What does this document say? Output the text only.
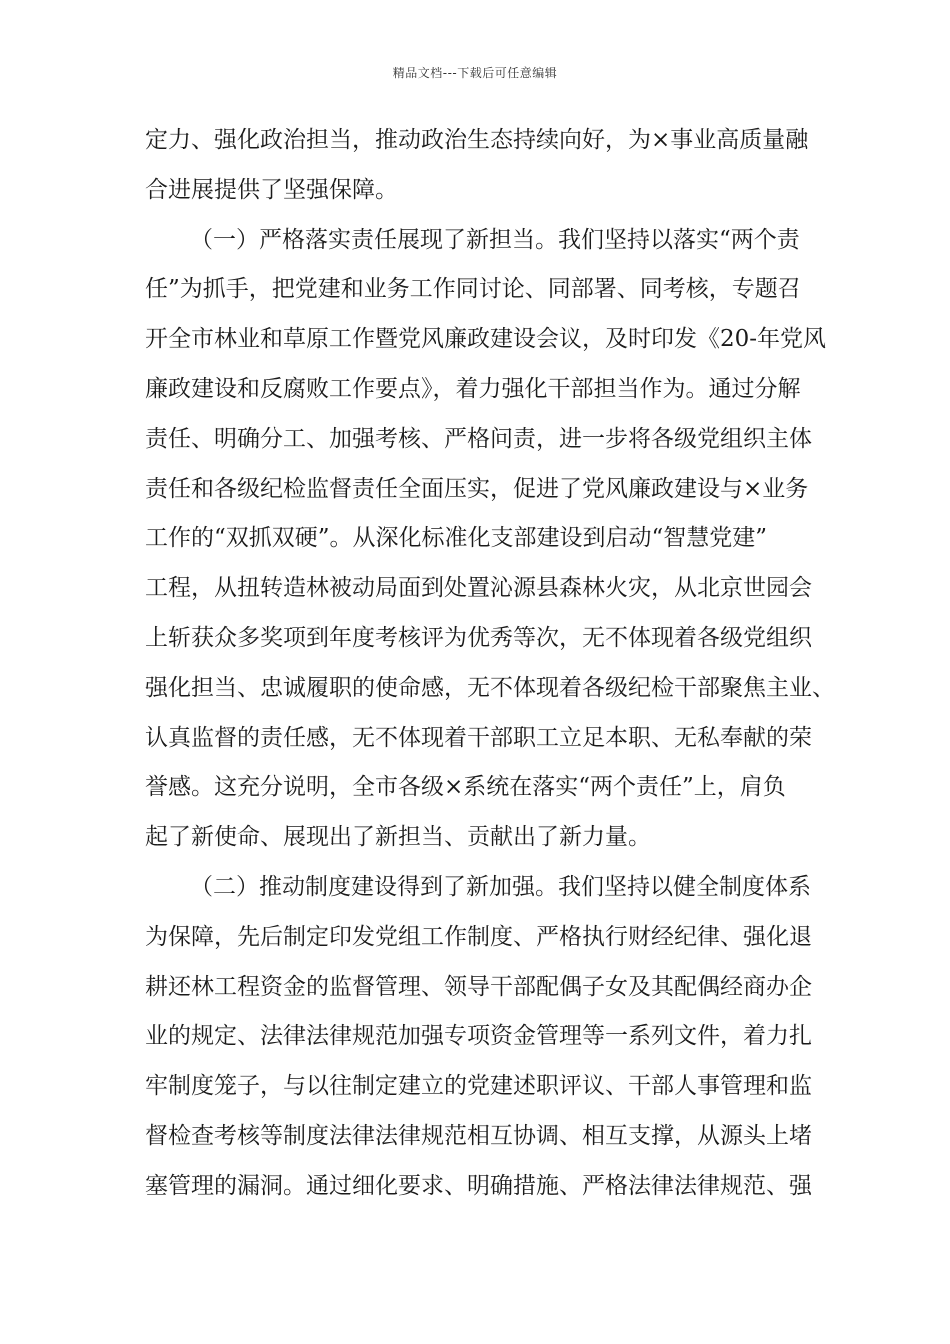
精品文档---下载后可任意编辑
定力、强化政治担当，推动政治生态持续向好，为×事业高质量融
合进展提供了坚强保障。
（一）严格落实责任展现了新担当。我们坚持以落实“两个责
任”为抓手，把党建和业务工作同讨论、同部署、同考核，专题召
开全市林业和草原工作暨党风廉政建设会议，及时印发《20-年党风
廉政建设和反腐败工作要点》，着力强化干部担当作为。通过分解
责任、明确分工、加强考核、严格问责，进一步将各级党组织主体
责任和各级纪检监督责任全面压实，促进了党风廉政建设与×业务
工作的“双抓双硬”。从深化标准化支部建设到启动“智慧党建”
工程，从扭转造林被动局面到处置沁源县森林火灾，从北京世园会
上斩获众多奖项到年度考核评为优秀等次，无不体现着各级党组织
强化担当、忠诚履职的使命感，无不体现着各级纪检干部聚焦主业、
认真监督的责任感，无不体现着干部职工立足本职、无私奉献的荣
誉感。这充分说明，全市各级×系统在落实“两个责任”上，肩负
起了新使命、展现出了新担当、贡献出了新力量。
（二）推动制度建设得到了新加强。我们坚持以健全制度体系
为保障，先后制定印发党组工作制度、严格执行财经纪律、强化退
耕还林工程资金的监督管理、领导干部配偶子女及其配偶经商办企
业的规定、法律法律规范加强专项资金管理等一系列文件，着力扎
牢制度笼子，与以往制定建立的党建述职评议、干部人事管理和监
督检查考核等制度法律法律规范相互协调、相互支撑，从源头上堵
塞管理的漏洞。通过细化要求、明确措施、严格法律法律规范、强
